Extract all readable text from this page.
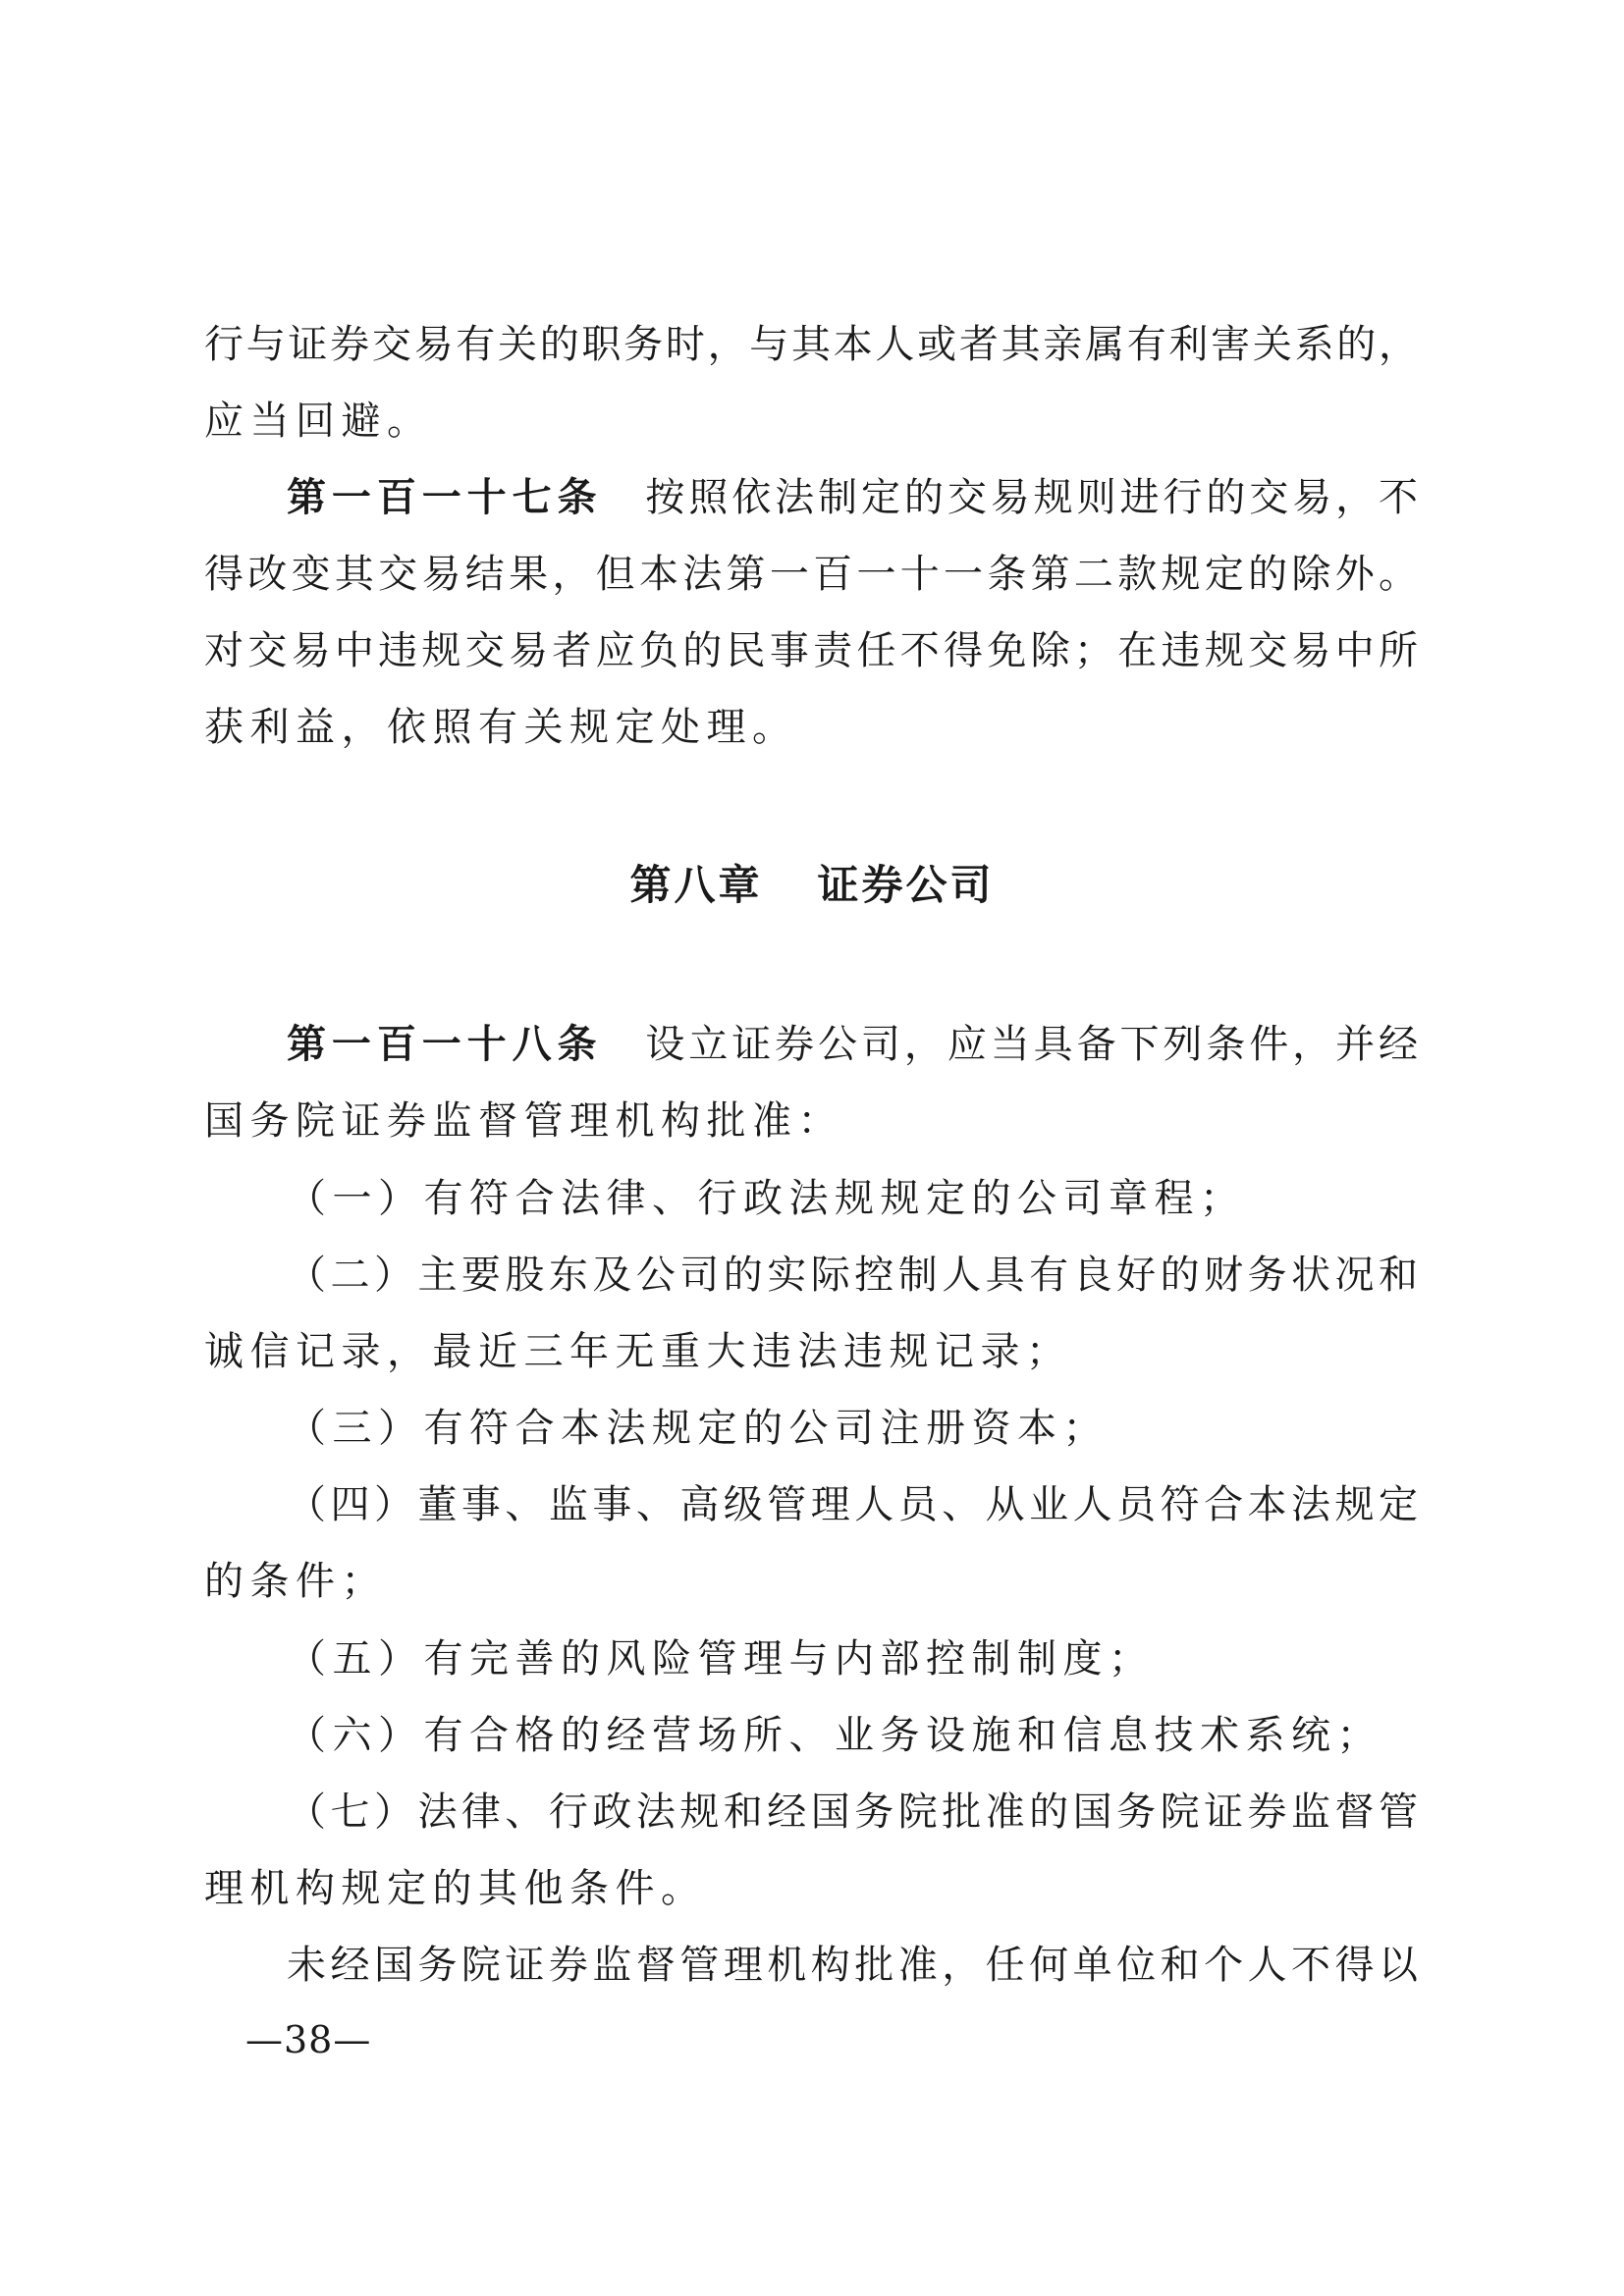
行与证券交易有关的职务时，与其本人或者其亲属有利害关系的，
应当回避。
第一百一十七条 按照依法制定的交易规则进行的交易，不
得改变其交易结果，但本法第一百一十一条第二款规定的除外。
对交易中违规交易者应负的民事责任不得免除；在违规交易中所
获利益，依照有关规定处理。
第八章 证券公司
第一百一十八条 设立证券公司，应当具备下列条件，并经
国务院证券监督管理机构批准：
（一）有符合法律、行政法规规定的公司章程；
（二）主要股东及公司的实际控制人具有良好的财务状况和
诚信记录，最近三年无重大违法违规记录；
（三）有符合本法规定的公司注册资本；
（四）董事、监事、高级管理人员、从业人员符合本法规定
的条件；
（五）有完善的风险管理与内部控制制度；
（六）有合格的经营场所、业务设施和信息技术系统；
（七）法律、行政法规和经国务院批准的国务院证券监督管
理机构规定的其他条件。
未经国务院证券监督管理机构批准，任何单位和个人不得以
—38—
